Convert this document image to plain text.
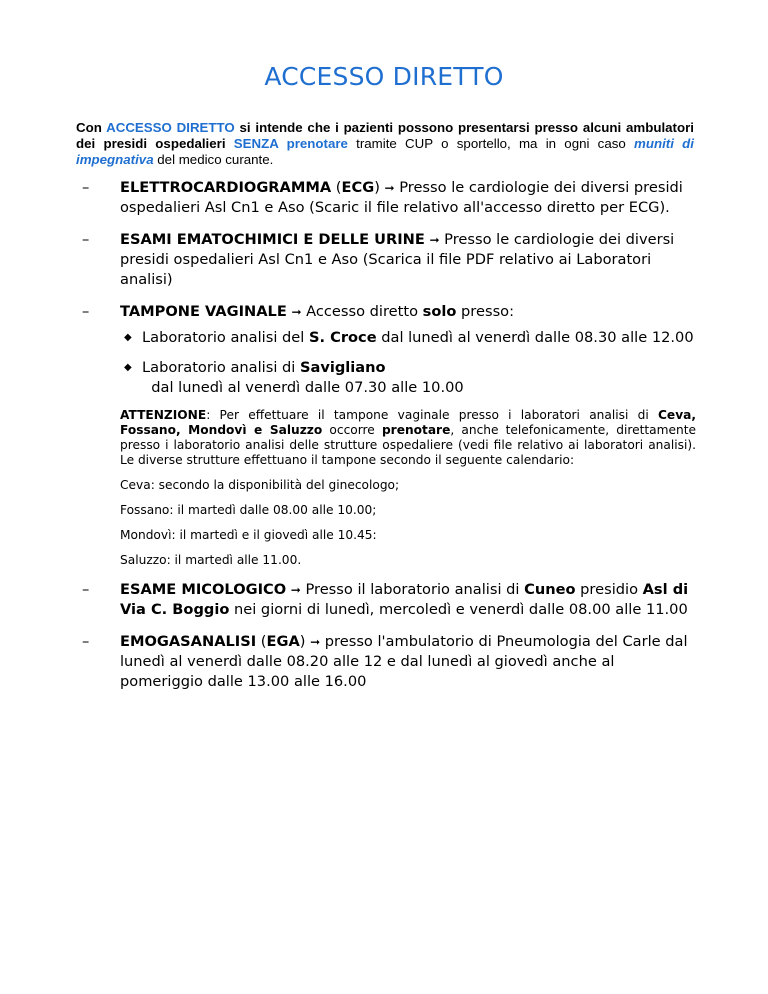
ACCESSO DIRETTO
Con ACCESSO DIRETTO si intende che i pazienti possono presentarsi presso alcuni ambulatori dei presidi ospedalieri SENZA prenotare tramite CUP o sportello, ma in ogni caso muniti di impegnativa del medico curante.
– ELETTROCARDIOGRAMMA (ECG) ➞ Presso le cardiologie dei diversi presidi ospedalieri Asl Cn1 e Aso (Scaric il file relativo all'accesso diretto per ECG).
– ESAMI EMATOCHIMICI E DELLE URINE ➞ Presso le cardiologie dei diversi presidi ospedalieri Asl Cn1 e Aso (Scarica il file PDF relativo ai Laboratori analisi)
– TAMPONE VAGINALE ➞ Accesso diretto solo presso:
◆ Laboratorio analisi del S. Croce dal lunedì al venerdì dalle 08.30 alle 12.00
◆ Laboratorio analisi di Savigliano  dal lunedì al venerdì dalle 07.30 alle 10.00

ATTENZIONE: Per effettuare il tampone vaginale presso i laboratori analisi di Ceva, Fossano, Mondovì e Saluzzo occorre prenotare, anche telefonicamente, direttamente presso i laboratorio analisi delle strutture ospedaliere (vedi file relativo ai laboratori analisi). Le diverse strutture effettuano il tampone secondo il seguente calendario:

Ceva: secondo la disponibilità del ginecologo;
Fossano: il martedì dalle 08.00 alle 10.00;
Mondovì: il martedì e il giovedì alle 10.45:
Saluzzo: il martedì alle 11.00.
– ESAME MICOLOGICO ➞ Presso il laboratorio analisi di Cuneo presidio Asl di Via C. Boggio nei giorni di lunedì, mercoledì e venerdì dalle 08.00 alle 11.00
– EMOGASANALISI (EGA) ➞ presso l'ambulatorio di Pneumologia del Carle dal lunedì al venerdì dalle 08.20 alle 12 e dal lunedì al giovedì anche al pomeriggio dalle 13.00 alle 16.00
